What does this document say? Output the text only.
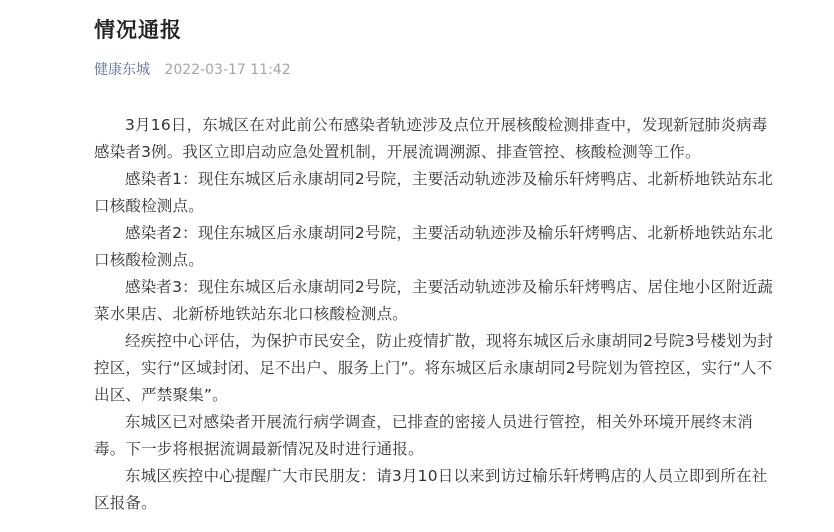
情况通报
健康东城 2022-03-17 11:42

3月16日，东城区在对此前公布感染者轨迹涉及点位开展核酸检测排查中，发现新冠肺炎病毒感染者3例。我区立即启动应急处置机制，开展流调溯源、排查管控、核酸检测等工作。

感染者1：现住东城区后永康胡同2号院，主要活动轨迹涉及榆乐轩烤鸭店、北新桥地铁站东北口核酸检测点。

感染者2：现住东城区后永康胡同2号院，主要活动轨迹涉及榆乐轩烤鸭店、北新桥地铁站东北口核酸检测点。

感染者3：现住东城区后永康胡同2号院，主要活动轨迹涉及榆乐轩烤鸭店、居住地小区附近蔬菜水果店、北新桥地铁站东北口核酸检测点。

经疾控中心评估，为保护市民安全，防止疫情扩散，现将东城区后永康胡同2号院3号楼划为封控区，实行“区域封闭、足不出户、服务上门”。将东城区后永康胡同2号院划为管控区，实行“人不出区、严禁聚集”。

东城区已对感染者开展流行病学调查，已排查的密接人员进行管控，相关外环境开展终末消毒。下一步将根据流调最新情况及时进行通报。

东城区疾控中心提醒广大市民朋友：请3月10日以来到访过榆乐轩烤鸭店的人员立即到所在社区报备。
